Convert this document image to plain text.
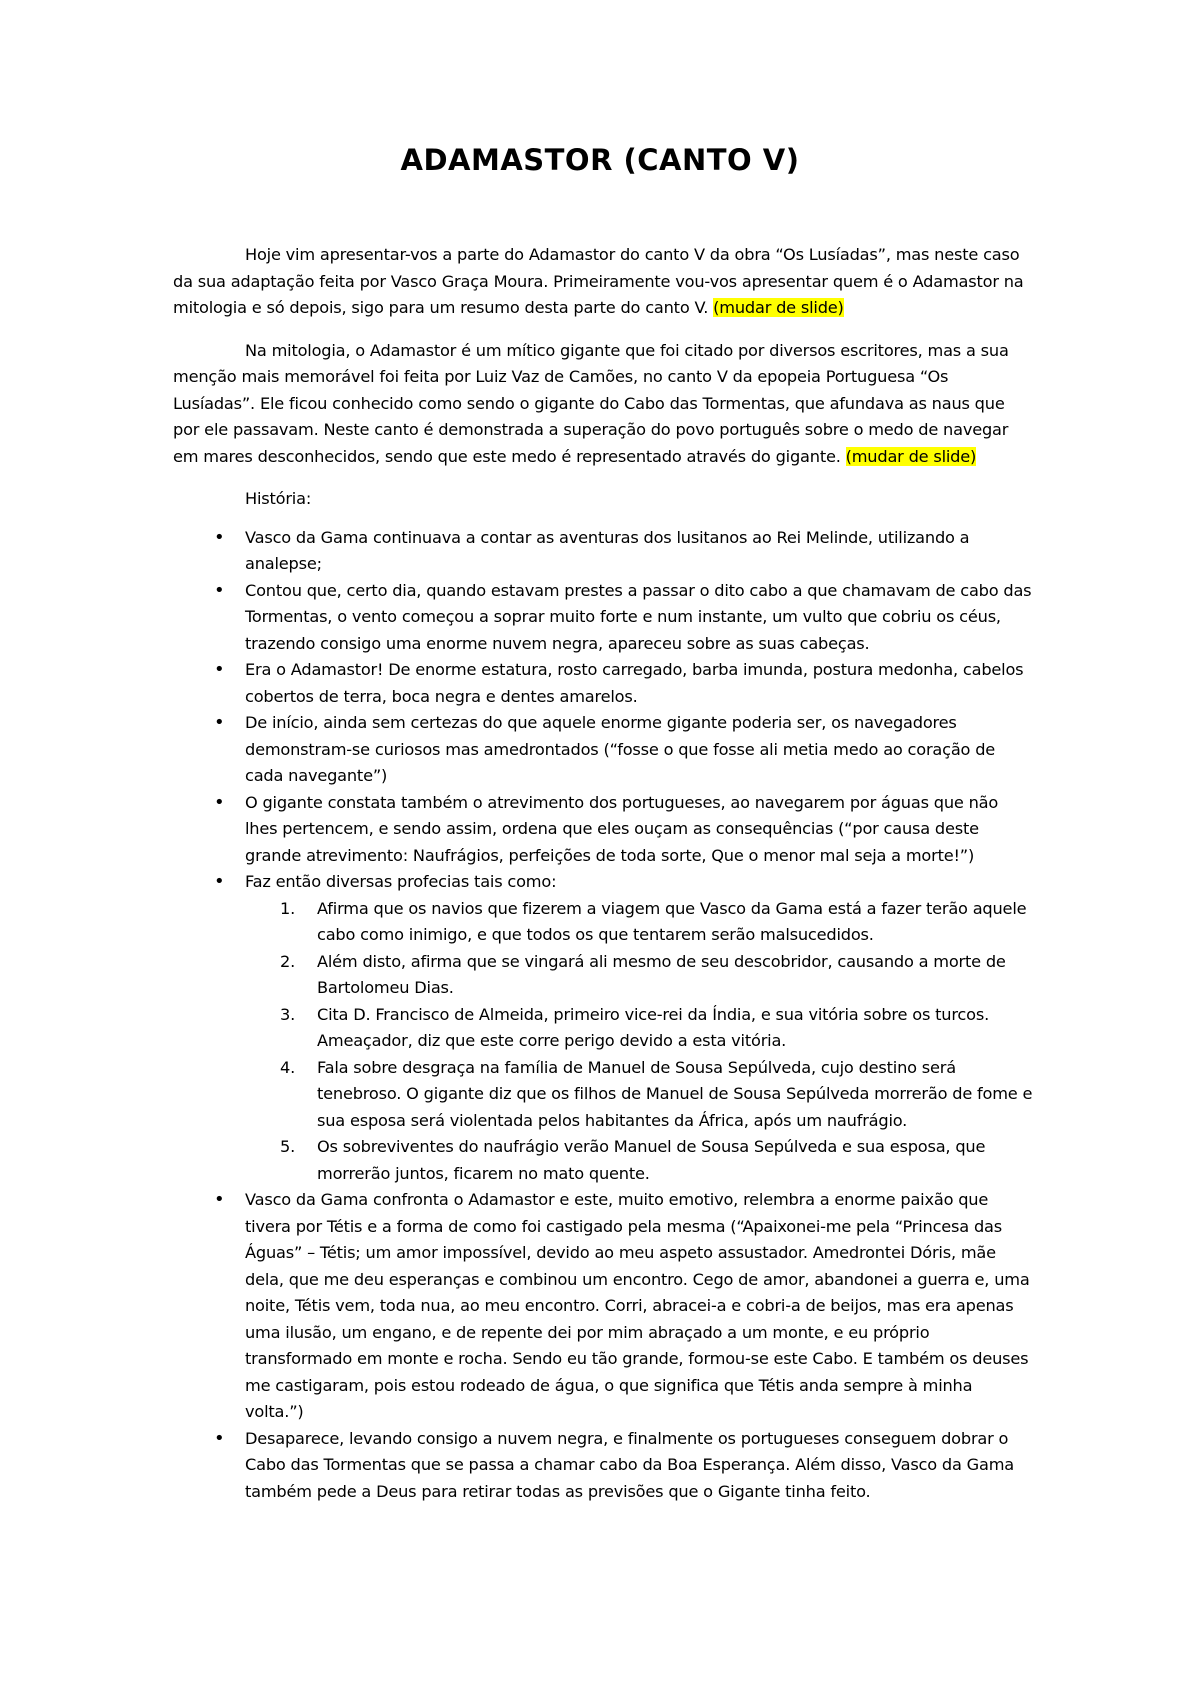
ADAMASTOR (CANTO V)

Hoje vim apresentar-vos a parte do Adamastor do canto V da obra “Os Lusíadas”, mas neste caso da sua adaptação feita por Vasco Graça Moura. Primeiramente vou-vos apresentar quem é o Adamastor na mitologia e só depois, sigo para um resumo desta parte do canto V. (mudar de slide)

Na mitologia, o Adamastor é um mítico gigante que foi citado por diversos escritores, mas a sua menção mais memorável foi feita por Luiz Vaz de Camões, no canto V da epopeia Portuguesa “Os Lusíadas”. Ele ficou conhecido como sendo o gigante do Cabo das Tormentas, que afundava as naus que por ele passavam. Neste canto é demonstrada a superação do povo português sobre o medo de navegar em mares desconhecidos, sendo que este medo é representado através do gigante. (mudar de slide)

História:
• Vasco da Gama continuava a contar as aventuras dos lusitanos ao Rei Melinde, utilizando a analepse;
• Contou que, certo dia, quando estavam prestes a passar o dito cabo a que chamavam de cabo das Tormentas, o vento começou a soprar muito forte e num instante, um vulto que cobriu os céus, trazendo consigo uma enorme nuvem negra, apareceu sobre as suas cabeças.
• Era o Adamastor! De enorme estatura, rosto carregado, barba imunda, postura medonha, cabelos cobertos de terra, boca negra e dentes amarelos.
• De início, ainda sem certezas do que aquele enorme gigante poderia ser, os navegadores demonstram-se curiosos mas amedrontados (“fosse o que fosse ali metia medo ao coração de cada navegante”)
• O gigante constata também o atrevimento dos portugueses, ao navegarem por águas que não lhes pertencem, e sendo assim, ordena que eles ouçam as consequências (“por causa deste grande atrevimento: Naufrágios, perfeições de toda sorte, Que o menor mal seja a morte!”)
• Faz então diversas profecias tais como:
1. Afirma que os navios que fizerem a viagem que Vasco da Gama está a fazer terão aquele cabo como inimigo, e que todos os que tentarem serão malsucedidos.
2. Além disto, afirma que se vingará ali mesmo de seu descobridor, causando a morte de Bartolomeu Dias.
3. Cita D. Francisco de Almeida, primeiro vice-rei da Índia, e sua vitória sobre os turcos. Ameaçador, diz que este corre perigo devido a esta vitória.
4. Fala sobre desgraça na família de Manuel de Sousa Sepúlveda, cujo destino será tenebroso. O gigante diz que os filhos de Manuel de Sousa Sepúlveda morrerão de fome e sua esposa será violentada pelos habitantes da África, após um naufrágio.
5. Os sobreviventes do naufrágio verão Manuel de Sousa Sepúlveda e sua esposa, que morrerão juntos, ficarem no mato quente.
• Vasco da Gama confronta o Adamastor e este, muito emotivo, relembra a enorme paixão que tivera por Tétis e a forma de como foi castigado pela mesma (“Apaixonei-me pela “Princesa das Águas” – Tétis; um amor impossível, devido ao meu aspeto assustador. Amedrontei Dóris, mãe dela, que me deu esperanças e combinou um encontro. Cego de amor, abandonei a guerra e, uma noite, Tétis vem, toda nua, ao meu encontro. Corri, abracei-a e cobri-a de beijos, mas era apenas uma ilusão, um engano, e de repente dei por mim abraçado a um monte, e eu próprio transformado em monte e rocha. Sendo eu tão grande, formou-se este Cabo. E também os deuses me castigaram, pois estou rodeado de água, o que significa que Tétis anda sempre à minha volta.”)
• Desaparece, levando consigo a nuvem negra, e finalmente os portugueses conseguem dobrar o Cabo das Tormentas que se passa a chamar cabo da Boa Esperança. Além disso, Vasco da Gama também pede a Deus para retirar todas as previsões que o Gigante tinha feito.
